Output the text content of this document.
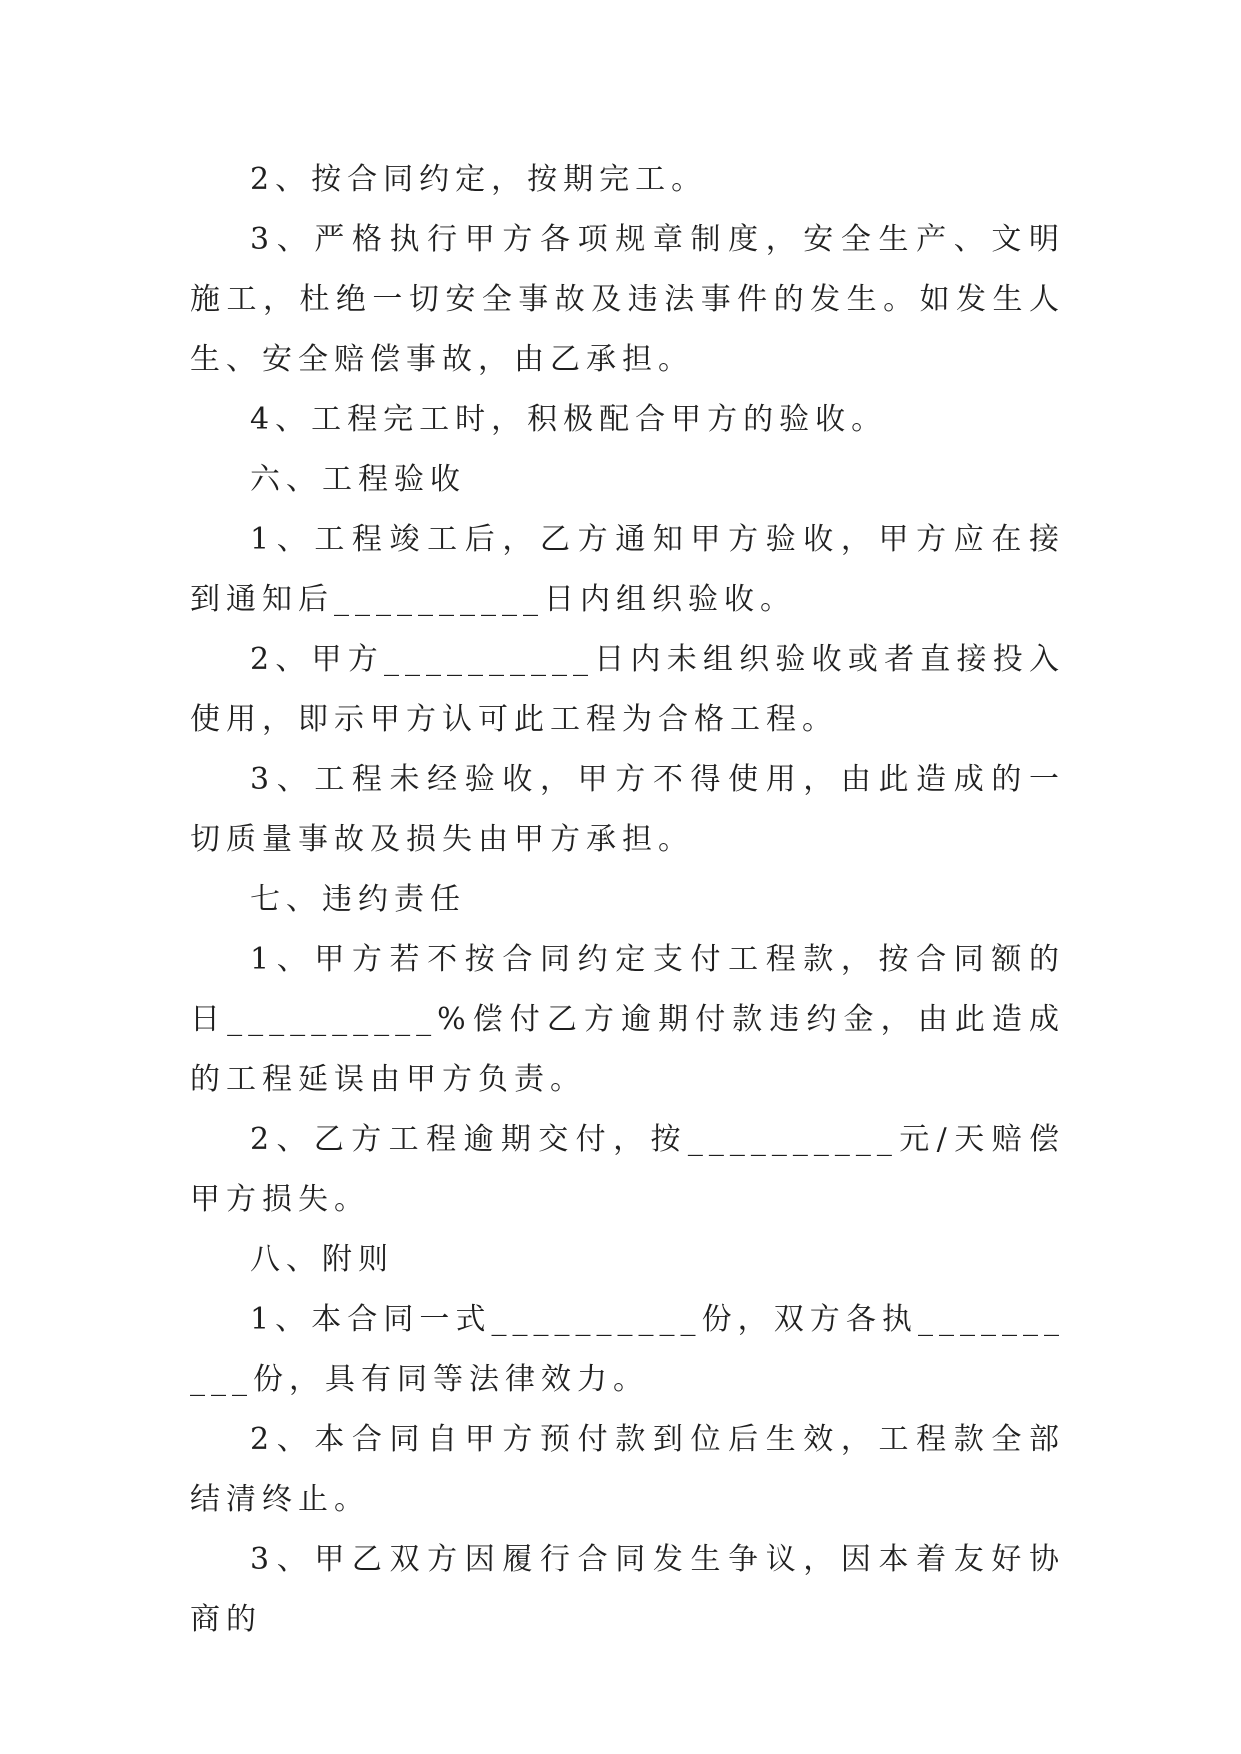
2、按合同约定，按期完工。

3、严格执行甲方各项规章制度，安全生产、文明施工，杜绝一切安全事故及违法事件的发生。如发生人生、安全赔偿事故，由乙承担。

4、工程完工时，积极配合甲方的验收。

六、工程验收

1、工程竣工后，乙方通知甲方验收，甲方应在接到通知后__________日内组织验收。

2、甲方__________日内未组织验收或者直接投入使用，即示甲方认可此工程为合格工程。

3、工程未经验收，甲方不得使用，由此造成的一切质量事故及损失由甲方承担。

七、违约责任

1、甲方若不按合同约定支付工程款，按合同额的日__________%偿付乙方逾期付款违约金，由此造成的工程延误由甲方负责。

2、乙方工程逾期交付，按__________元/天赔偿甲方损失。

八、附则

1、本合同一式__________份，双方各执__________份，具有同等法律效力。

2、本合同自甲方预付款到位后生效，工程款全部结清终止。

3、甲乙双方因履行合同发生争议，因本着友好协商的
